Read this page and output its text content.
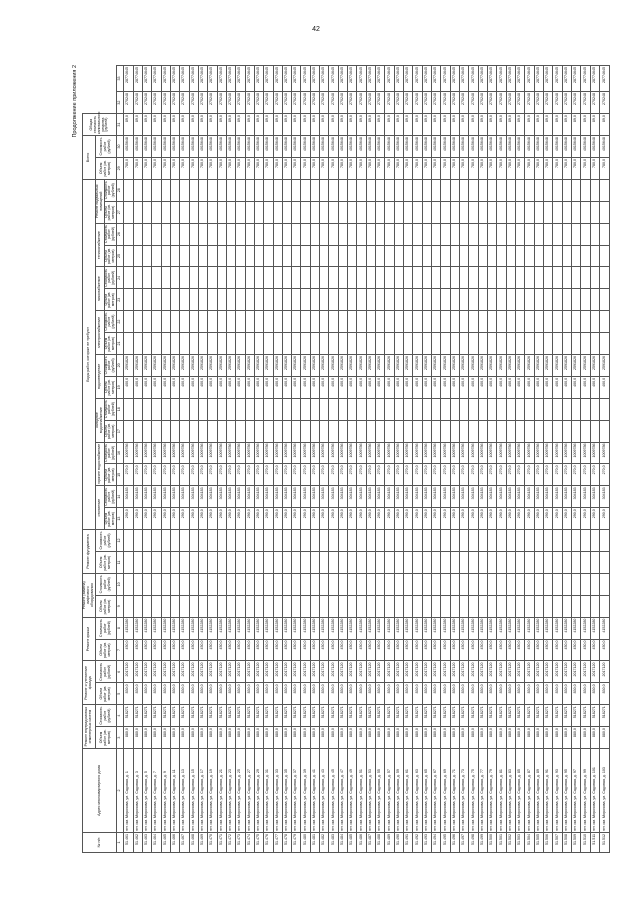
42
Продолжение приложения 2
№ п/п	Адрес многоквартирного дома	Ремонт внутридомовых инженерных систем		Ремонт и утепление фасада		Ремонт крыши		Ремонт (замена) лифтового оборудования		Ремонт фундамента		Виды работ, которые не требуют																Всего		Общая стоимость капитального ремонта (рублей)		
		Объем работ (кв. метров)	Стоимость работ (рублей)	Объем работ (кв. метров)	Стоимость работ (рублей)	Объем работ (кв. метров)	Стоимость работ (рублей)	Объем работ (кв. метров)	Стоимость работ (рублей)	Объем работ (кв. метров)	Стоимость работ (рублей)	отопление		горячее водоснабжение		холодное водоснабжение		водоотведение		электроснабжение		газоснабжение		теплоснабжение		Ремонт подвальных помещений		Объем работ (кв. метров)	Стоимость работ (рублей)			
												Объем работ (кв. метров)	Стоимость работ (рублей)	Объем работ (кв. метров)	Стоимость работ (рублей)	Объем работ (кв. метров)	Стоимость работ (рублей)	Объем работ (кв. метров)	Стоимость работ (рублей)	Объем работ (кв. метров)	Стоимость работ (рублей)	Объем работ (кв. метров)	Стоимость работ (рублей)	Объем работ (кв. метров)	Стоимость работ (рублей)	Объем работ (кв. метров)	Стоимость работ (рублей)					
1	2	3	4	5	6	7	8	9	10	11	12	13	14	15	16	17	18	19	20	21	22	23	24	25	26	27	28	29	30	31	32	33
51.461	пгт. им. Морозова, ул. Садовая, д. 1	880,0	518271	830,0	2017120	450,0	4152280					290,0	304183	270,0	1009786			400,0	2591826									780,0	4015648	89,0	270248	28774645
51.462	пгт. им. Морозова, ул. Садовая, д. 3	880,0	518271	830,0	2017120	450,0	4152280					290,0	304183	270,0	1009786			400,0	2591826									780,0	4015648	89,0	270248	28774645
51.463	пгт. им. Морозова, ул. Садовая, д. 5	880,0	518271	830,0	2017120	450,0	4152280					290,0	304183	270,0	1009786			400,0	2591826									780,0	4015648	89,0	270248	28774645
51.464	пгт. им. Морозова, ул. Садовая, д. 7	880,0	518271	830,0	2017120	450,0	4152280					290,0	304183	270,0	1009786			400,0	2591826									780,0	4015648	89,0	270248	28774645
51.465	пгт. им. Морозова, ул. Садовая, д. 9	880,0	518271	830,0	2017120	450,0	4152280					290,0	304183	270,0	1009786			400,0	2591826									780,0	4015648	89,0	270248	28774645
51.466	пгт. им. Морозова, ул. Садовая, д. 11	880,0	518271	830,0	2017120	450,0	4152280					290,0	304183	270,0	1009786			400,0	2591826									780,0	4015648	89,0	270248	28774645
51.467	пгт. им. Морозова, ул. Садовая, д. 13	880,0	518271	830,0	2017120	450,0	4152280					290,0	304183	270,0	1009786			400,0	2591826									780,0	4015648	89,0	270248	28774645
51.468	пгт. им. Морозова, ул. Садовая, д. 15	880,0	518271	830,0	2017120	450,0	4152280					290,0	304183	270,0	1009786			400,0	2591826									780,0	4015648	89,0	270248	28774645
51.469	пгт. им. Морозова, ул. Садовая, д. 17	880,0	518271	830,0	2017120	450,0	4152280					290,0	304183	270,0	1009786			400,0	2591826									780,0	4015648	89,0	270248	28774645
51.470	пгт. им. Морозова, ул. Садовая, д. 19	880,0	518271	830,0	2017120	450,0	4152280					290,0	304183	270,0	1009786			400,0	2591826									780,0	4015648	89,0	270248	28774645
51.471	пгт. им. Морозова, ул. Садовая, д. 21	880,0	518271	830,0	2017120	450,0	4152280					290,0	304183	270,0	1009786			400,0	2591826									780,0	4015648	89,0	270248	28774645
51.472	пгт. им. Морозова, ул. Садовая, д. 23	880,0	518271	830,0	2017120	450,0	4152280					290,0	304183	270,0	1009786			400,0	2591826									780,0	4015648	89,0	270248	28774645
51.473	пгт. им. Морозова, ул. Садовая, д. 25	880,0	518271	830,0	2017120	450,0	4152280					290,0	304183	270,0	1009786			400,0	2591826									780,0	4015648	89,0	270248	28774645
51.474	пгт. им. Морозова, ул. Садовая, д. 27	880,0	518271	830,0	2017120	450,0	4152280					290,0	304183	270,0	1009786			400,0	2591826									780,0	4015648	89,0	270248	28774645
51.475	пгт. им. Морозова, ул. Садовая, д. 29	880,0	518271	830,0	2017120	450,0	4152280					290,0	304183	270,0	1009786			400,0	2591826									780,0	4015648	89,0	270248	28774645
51.476	пгт. им. Морозова, ул. Садовая, д. 31	880,0	518271	830,0	2017120	450,0	4152280					290,0	304183	270,0	1009786			400,0	2591826									780,0	4015648	89,0	270248	28774645
51.477	пгт. им. Морозова, ул. Садовая, д. 33	880,0	518271	830,0	2017120	450,0	4152280					290,0	304183	270,0	1009786			400,0	2591826									780,0	4015648	89,0	270248	28774645
51.478	пгт. им. Морозова, ул. Садовая, д. 35	880,0	518271	830,0	2017120	450,0	4152280					290,0	304183	270,0	1009786			400,0	2591826									780,0	4015648	89,0	270248	28774645
51.479	пгт. им. Морозова, ул. Садовая, д. 37	880,0	518271	830,0	2017120	450,0	4152280					290,0	304183	270,0	1009786			400,0	2591826									780,0	4015648	89,0	270248	28774645
51.480	пгт. им. Морозова, ул. Садовая, д. 39	880,0	518271	830,0	2017120	450,0	4152280					290,0	304183	270,0	1009786			400,0	2591826									780,0	4015648	89,0	270248	28774645
51.481	пгт. им. Морозова, ул. Садовая, д. 41	880,0	518271	830,0	2017120	450,0	4152280					290,0	304183	270,0	1009786			400,0	2591826									780,0	4015648	89,0	270248	28774645
51.482	пгт. им. Морозова, ул. Садовая, д. 43	880,0	518271	830,0	2017120	450,0	4152280					290,0	304183	270,0	1009786			400,0	2591826									780,0	4015648	89,0	270248	28774645
51.483	пгт. им. Морозова, ул. Садовая, д. 45	880,0	518271	830,0	2017120	450,0	4152280					290,0	304183	270,0	1009786			400,0	2591826									780,0	4015648	89,0	270248	28774645
51.484	пгт. им. Морозова, ул. Садовая, д. 47	880,0	518271	830,0	2017120	450,0	4152280					290,0	304183	270,0	1009786			400,0	2591826									780,0	4015648	89,0	270248	28774645
51.485	пгт. им. Морозова, ул. Садовая, д. 49	880,0	518271	830,0	2017120	450,0	4152280					290,0	304183	270,0	1009786			400,0	2591826									780,0	4015648	89,0	270248	28774645
51.486	пгт. им. Морозова, ул. Садовая, д. 51	880,0	518271	830,0	2017120	450,0	4152280					290,0	304183	270,0	1009786			400,0	2591826									780,0	4015648	89,0	270248	28774645
51.487	пгт. им. Морозова, ул. Садовая, д. 53	880,0	518271	830,0	2017120	450,0	4152280					290,0	304183	270,0	1009786			400,0	2591826									780,0	4015648	89,0	270248	28774645
51.488	пгт. им. Морозова, ул. Садовая, д. 55	880,0	518271	830,0	2017120	450,0	4152280					290,0	304183	270,0	1009786			400,0	2591826									780,0	4015648	89,0	270248	28774645
51.489	пгт. им. Морозова, ул. Садовая, д. 57	880,0	518271	830,0	2017120	450,0	4152280					290,0	304183	270,0	1009786			400,0	2591826									780,0	4015648	89,0	270248	28774645
51.490	пгт. им. Морозова, ул. Садовая, д. 59	880,0	518271	830,0	2017120	450,0	4152280					290,0	304183	270,0	1009786			400,0	2591826									780,0	4015648	89,0	270248	28774645
51.491	пгт. им. Морозова, ул. Садовая, д. 61	880,0	518271	830,0	2017120	450,0	4152280					290,0	304183	270,0	1009786			400,0	2591826									780,0	4015648	89,0	270248	28774645
51.492	пгт. им. Морозова, ул. Садовая, д. 63	880,0	518271	830,0	2017120	450,0	4152280					290,0	304183	270,0	1009786			400,0	2591826									780,0	4015648	89,0	270248	28774645
51.493	пгт. им. Морозова, ул. Садовая, д. 65	880,0	518271	830,0	2017120	450,0	4152280					290,0	304183	270,0	1009786			400,0	2591826									780,0	4015648	89,0	270248	28774645
51.494	пгт. им. Морозова, ул. Садовая, д. 67	880,0	518271	830,0	2017120	450,0	4152280					290,0	304183	270,0	1009786			400,0	2591826									780,0	4015648	89,0	270248	28774645
51.495	пгт. им. Морозова, ул. Садовая, д. 69	880,0	518271	830,0	2017120	450,0	4152280					290,0	304183	270,0	1009786			400,0	2591826									780,0	4015648	89,0	270248	28774645
51.496	пгт. им. Морозова, ул. Садовая, д. 71	880,0	518271	830,0	2017120	450,0	4152280					290,0	304183	270,0	1009786			400,0	2591826									780,0	4015648	89,0	270248	28774645
51.497	пгт. им. Морозова, ул. Садовая, д. 73	880,0	518271	830,0	2017120	450,0	4152280					290,0	304183	270,0	1009786			400,0	2591826									780,0	4015648	89,0	270248	28774645
51.498	пгт. им. Морозова, ул. Садовая, д. 75	880,0	518271	830,0	2017120	450,0	4152280					290,0	304183	270,0	1009786			400,0	2591826									780,0	4015648	89,0	270248	28774645
51.499	пгт. им. Морозова, ул. Садовая, д. 77	880,0	518271	830,0	2017120	450,0	4152280					290,0	304183	270,0	1009786			400,0	2591826									780,0	4015648	89,0	270248	28774645
51.500	пгт. им. Морозова, ул. Садовая, д. 79	880,0	518271	830,0	2017120	450,0	4152280					290,0	304183	270,0	1009786			400,0	2591826									780,0	4015648	89,0	270248	28774645
51.501	пгт. им. Морозова, ул. Садовая, д. 81	880,0	518271	830,0	2017120	450,0	4152280					290,0	304183	270,0	1009786			400,0	2591826									780,0	4015648	89,0	270248	28774645
51.502	пгт. им. Морозова, ул. Садовая, д. 83	880,0	518271	830,0	2017120	450,0	4152280					290,0	304183	270,0	1009786			400,0	2591826									780,0	4015648	89,0	270248	28774645
51.503	пгт. им. Морозова, ул. Садовая, д. 85	880,0	518271	830,0	2017120	450,0	4152280					290,0	304183	270,0	1009786			400,0	2591826									780,0	4015648	89,0	270248	28774645
51.504	пгт. им. Морозова, ул. Садовая, д. 87	880,0	518271	830,0	2017120	450,0	4152280					290,0	304183	270,0	1009786			400,0	2591826									780,0	4015648	89,0	270248	28774645
51.505	пгт. им. Морозова, ул. Садовая, д. 89	880,0	518271	830,0	2017120	450,0	4152280					290,0	304183	270,0	1009786			400,0	2591826									780,0	4015648	89,0	270248	28774645
51.506	пгт. им. Морозова, ул. Садовая, д. 91	880,0	518271	830,0	2017120	450,0	4152280					290,0	304183	270,0	1009786			400,0	2591826									780,0	4015648	89,0	270248	28774645
51.507	пгт. им. Морозова, ул. Садовая, д. 93	880,0	518271	830,0	2017120	450,0	4152280					290,0	304183	270,0	1009786			400,0	2591826									780,0	4015648	89,0	270248	28774645
51.508	пгт. им. Морозова, ул. Садовая, д. 95	880,0	518271	830,0	2017120	450,0	4152280					290,0	304183	270,0	1009786			400,0	2591826									780,0	4015648	89,0	270248	28774645
51.509	пгт. им. Морозова, ул. Садовая, д. 97	880,0	518271	830,0	2017120	450,0	4152280					290,0	304183	270,0	1009786			400,0	2591826									780,0	4015648	89,0	270248	28774645
51.510	пгт. им. Морозова, ул. Садовая, д. 99	880,0	518271	830,0	2017120	450,0	4152280					290,0	304183	270,0	1009786			400,0	2591826									780,0	4015648	89,0	270248	28774645
51.511	пгт. им. Морозова, ул. Садовая, д. 101	880,0	518271	830,0	2017120	450,0	4152280					290,0	304183	270,0	1009786			400,0	2591826									780,0	4015648	89,0	270248	28774645
51.512	пгт. им. Морозова, ул. Садовая, д. 103	880,0	518271	830,0	2017120	450,0	4152280					290,0	304183	270,0	1009786			400,0	2591826									780,0	4015648	89,0	270248	28774645
